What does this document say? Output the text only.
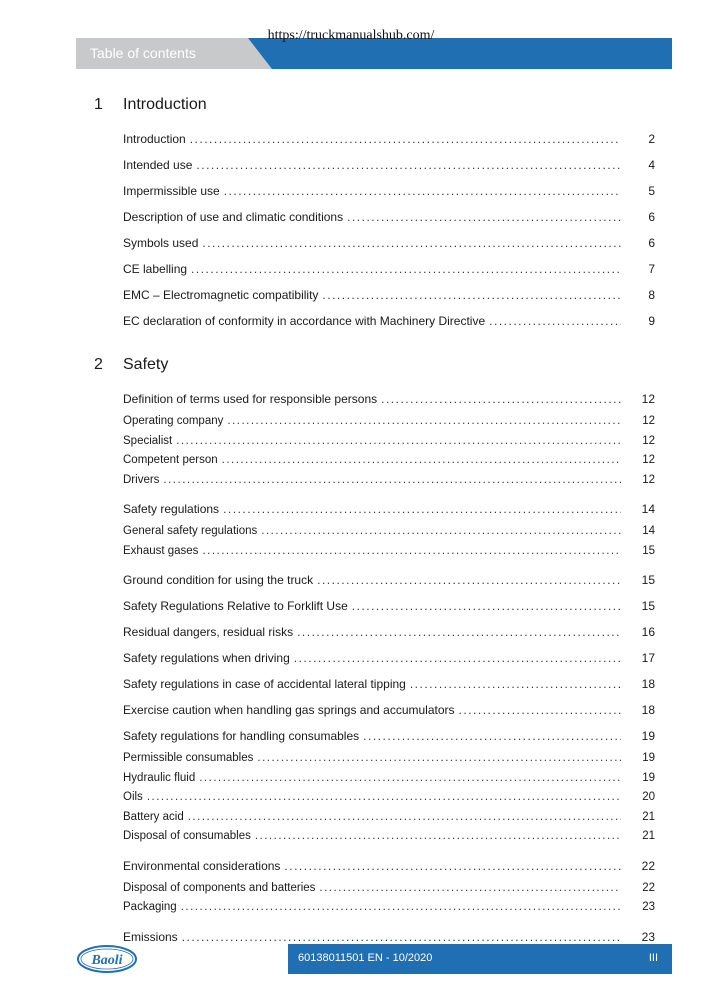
https://truckmanualshub.com/
Table of contents
1	Introduction
Introduction .....	2
Intended use .....	4
Impermissible use .....	5
Description of use and climatic conditions .....	6
Symbols used .....	6
CE labelling .....	7
EMC – Electromagnetic compatibility .....	8
EC declaration of conformity in accordance with Machinery Directive .....	9
2	Safety
Definition of terms used for responsible persons .....	12
Operating company .....	12
Specialist .....	12
Competent person .....	12
Drivers .....	12
Safety regulations .....	14
General safety regulations .....	14
Exhaust gases .....	15
Ground condition for using the truck .....	15
Safety Regulations Relative to Forklift Use .....	15
Residual dangers, residual risks .....	16
Safety regulations when driving .....	17
Safety regulations in case of accidental lateral tipping .....	18
Exercise caution when handling gas springs and accumulators .....	18
Safety regulations for handling consumables .....	19
Permissible consumables .....	19
Hydraulic fluid .....	19
Oils .....	20
Battery acid .....	21
Disposal of consumables .....	21
Environmental considerations .....	22
Disposal of components and batteries .....	22
Packaging .....	23
Emissions .....	23
Baoli	60138011501 EN - 10/2020	III
